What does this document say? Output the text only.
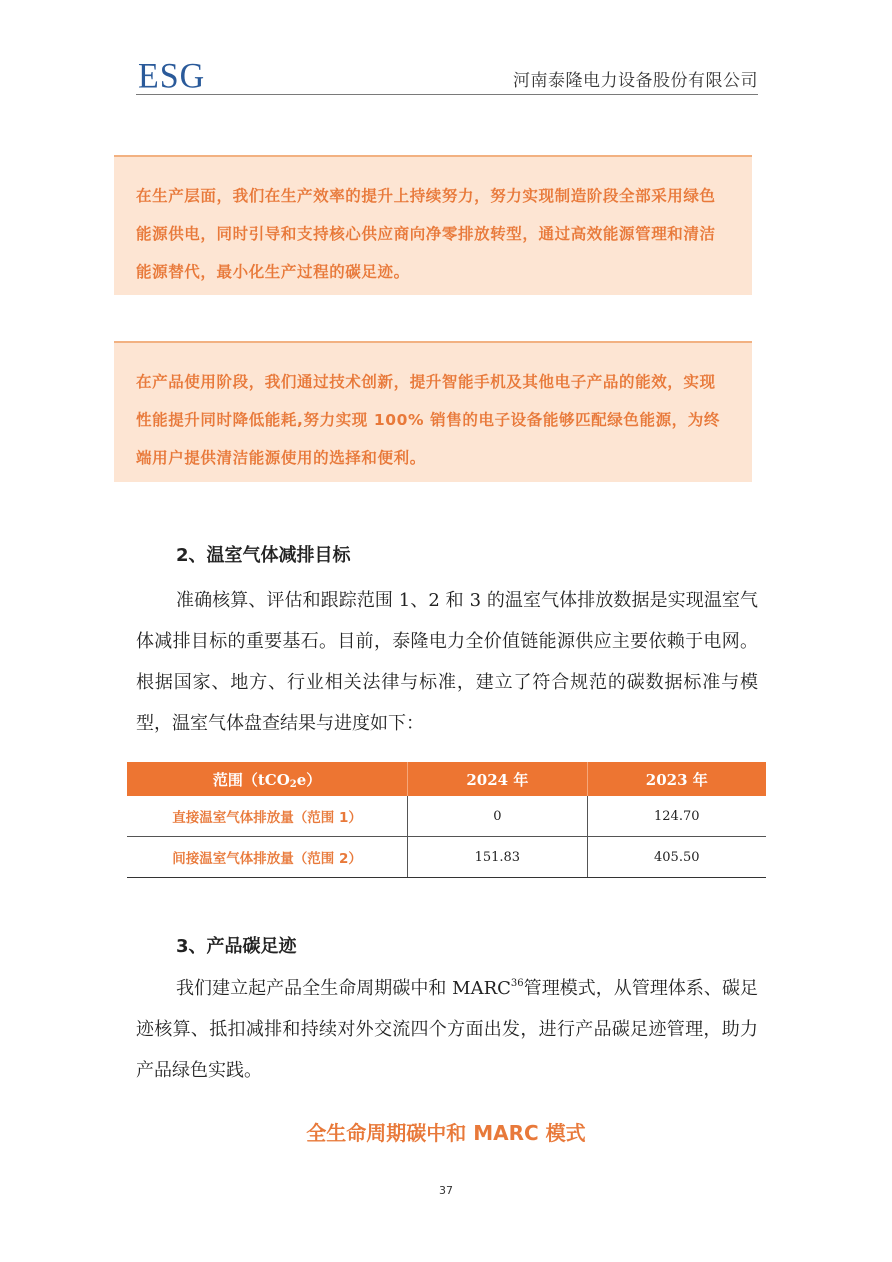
ESG	河南泰隆电力设备股份有限公司

在生产层面，我们在生产效率的提升上持续努力，努力实现制造阶段全部采用绿色能源供电，同时引导和支持核心供应商向净零排放转型，通过高效能源管理和清洁能源替代，最小化生产过程的碳足迹。

在产品使用阶段，我们通过技术创新，提升智能手机及其他电子产品的能效，实现性能提升同时降低能耗,努力实现 100% 销售的电子设备能够匹配绿色能源，为终端用户提供清洁能源使用的选择和便利。

2、温室气体减排目标

准确核算、评估和跟踪范围 1、2 和 3 的温室气体排放数据是实现温室气体减排目标的重要基石。目前，泰隆电力全价值链能源供应主要依赖于电网。根据国家、地方、行业相关法律与标准，建立了符合规范的碳数据标准与模型，温室气体盘查结果与进度如下：

范围（tCO$_2$e）	2024 年	2023 年
直接温室气体排放量（范围 1）	0	124.70
间接温室气体排放量（范围 2）	151.83	405.50
3、产品碳足迹

我们建立起产品全生命周期碳中和 MARC$^{36}$管理模式，从管理体系、碳足迹核算、抵扣减排和持续对外交流四个方面出发，进行产品碳足迹管理，助力产品绿色实践。

全生命周期碳中和 MARC 模式
37
